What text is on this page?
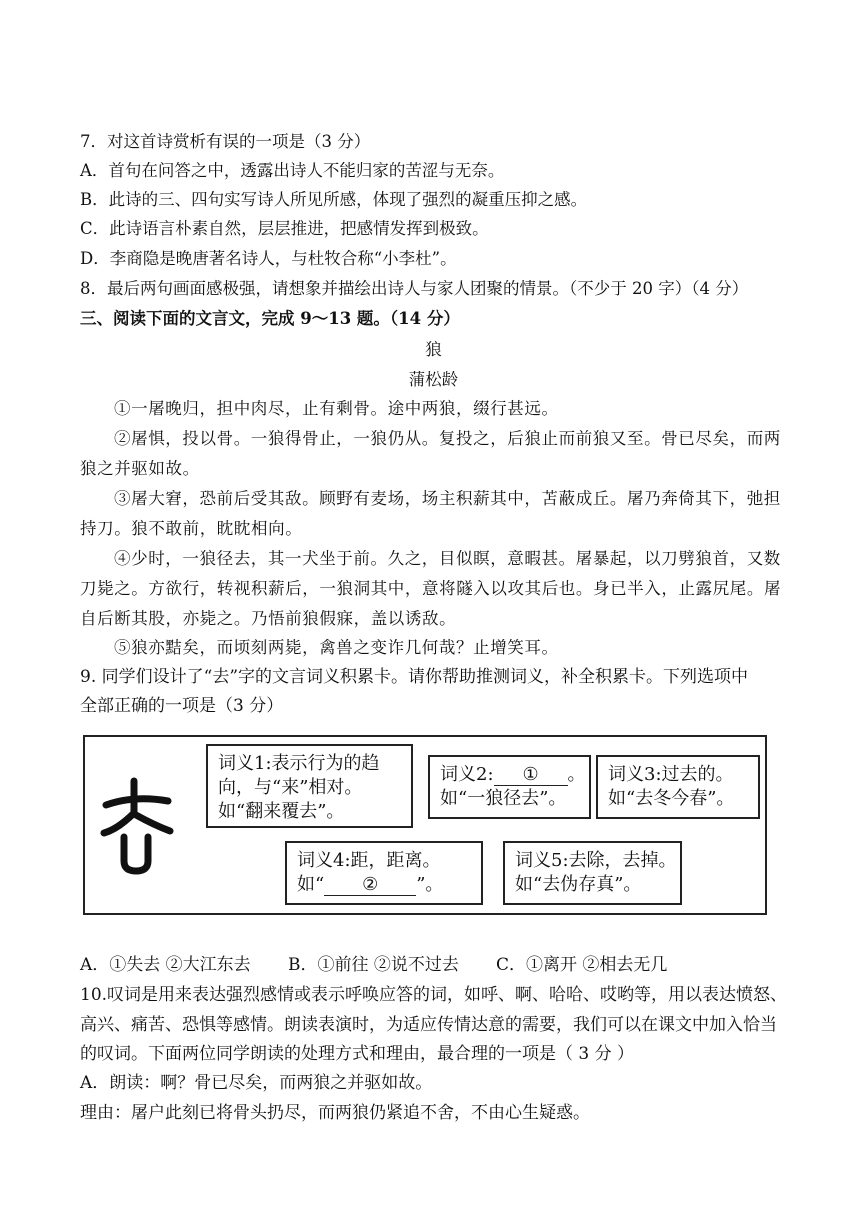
7．对这首诗赏析有误的一项是（3 分）
A．首句在问答之中，透露出诗人不能归家的苦涩与无奈。
B．此诗的三、四句实写诗人所见所感，体现了强烈的凝重压抑之感。
C．此诗语言朴素自然，层层推进，把感情发挥到极致。
D．李商隐是晚唐著名诗人，与杜牧合称“小李杜”。
8．最后两句画面感极强，请想象并描绘出诗人与家人团聚的情景。（不少于 20 字）（4 分）
三、阅读下面的文言文，完成 9～13 题。（14 分）
狼
蒲松龄
①一屠晚归，担中肉尽，止有剩骨。途中两狼，缀行甚远。
②屠惧，投以骨。一狼得骨止，一狼仍从。复投之，后狼止而前狼又至。骨已尽矣，而两
狼之并驱如故。
③屠大窘，恐前后受其敌。顾野有麦场，场主积薪其中，苫蔽成丘。屠乃奔倚其下，弛担
持刀。狼不敢前，眈眈相向。
④少时，一狼径去，其一犬坐于前。久之，目似瞑，意暇甚。屠暴起，以刀劈狼首，又数
刀毙之。方欲行，转视积薪后，一狼洞其中，意将隧入以攻其后也。身已半入，止露尻尾。屠
自后断其股，亦毙之。乃悟前狼假寐，盖以诱敌。
⑤狼亦黠矣，而顷刻两毙，禽兽之变诈几何哉？止增笑耳。
9. 同学们设计了“去”字的文言词义积累卡。请你帮助推测词义，补全积累卡。下列选项中
全部正确的一项是（3 分）
词义1:表示行为的趋
向，与“来”相对。
如“翻来覆去”。
词义2: ① 。
如“一狼径去”。
词义3:过去的。
如“去冬今春”。
词义4:距，距离。
如“ ② ”。
词义5:去除，去掉。
如“去伪存真”。
A．①失去 ②大江东去 B．①前往 ②说不过去 C．①离开 ②相去无几
10.叹词是用来表达强烈感情或表示呼唤应答的词，如呼、啊、哈哈、哎哟等，用以表达愤怒、
高兴、痛苦、恐惧等感情。朗读表演时，为适应传情达意的需要，我们可以在课文中加入恰当
的叹词。下面两位同学朗读的处理方式和理由，最合理的一项是（ 3 分 ）
A．朗读：啊？骨已尽矣，而两狼之并驱如故。
理由：屠户此刻已将骨头扔尽，而两狼仍紧追不舍，不由心生疑惑。
